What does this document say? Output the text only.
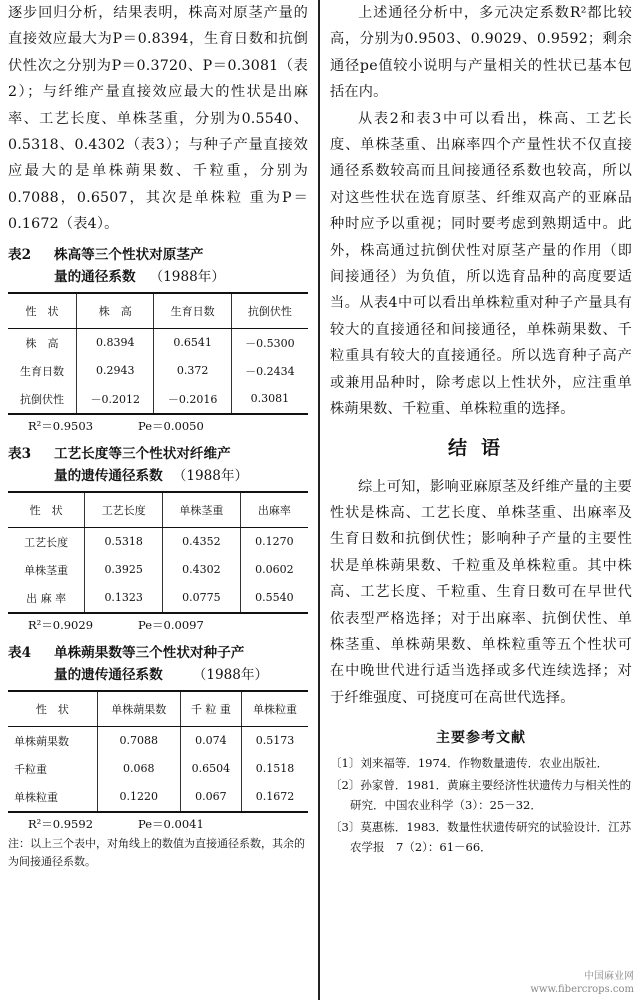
逐步回归分析，结果表明，株高对原茎产量的直接效应最大为P＝0.8394，生育日数和抗倒伏性次之分别为P＝0.3720、P＝0.3081（表2）；与纤维产量直接效应最大的性状是出麻率、工艺长度、单株茎重，分别为0.5540、0.5318、0.4302（表3）；与种子产量直接效应最大的是单株蒴果数、千粒重，分别为0.7088，0.6507，其次是单株粒 重为P＝0.1672（表4）。

表2 株高等三个性状对原茎产

量的通径系数 （1988年）

性　状	株　高	生育日数	抗倒伏性
株　高	0.8394	0.6541	－0.5300
生育日数	0.2943	0.372	－0.2434
抗倒伏性	－0.2012	－0.2016	0.3081

R²＝0.9503	Pe＝0.0050

表3 工艺长度等三个性状对纤维产

量的遗传通径系数 （1988年）

性　状	工艺长度	单株茎重	出麻率
工艺长度	0.5318	0.4352	0.1270
单株茎重	0.3925	0.4302	0.0602
出 麻 率	0.1323	0.0775	0.5540

R²＝0.9029	Pe＝0.0097

表4 单株蒴果数等三个性状对种子产

量的遗传通径系数 （1988年）

性　状	单株蒴果数	千 粒 重	单株粒重
单株蒴果数	0.7088	0.074	0.5173
千粒重	0.068	0.6504	0.1518
单株粒重	0.1220	0.067	0.1672

R²＝0.9592	Pe＝0.0041

注：以上三个表中，对角线上的数值为直接通径系数，其余的为间接通径系数。

上述通径分析中，多元决定系数R²都比较高，分别为0.9503、0.9029、0.9592；剩余通径pe值较小说明与产量相关的性状已基本包括在内。

从表2和表3中可以看出，株高、工艺长度、单株茎重、出麻率四个产量性状不仅直接通径系数较高而且间接通径系数也较高，所以对这些性状在选育原茎、纤维双高产的亚麻品种时应予以重视；同时要考虑到熟期适中。此外，株高通过抗倒伏性对原茎产量的作用（即间接通径）为负值，所以选育品种的高度要适当。从表4中可以看出单株粒重对种子产量具有较大的直接通径和间接通径，单株蒴果数、千粒重具有较大的直接通径。所以选育种子高产或兼用品种时，除考虑以上性状外，应注重单株蒴果数、千粒重、单株粒重的选择。

结语

综上可知，影响亚麻原茎及纤维产量的主要性状是株高、工艺长度、单株茎重、出麻率及生育日数和抗倒伏性；影响种子产量的主要性状是单株蒴果数、千粒重及单株粒重。其中株高、工艺长度、千粒重、生育日数可在早世代依表型严格选择；对于出麻率、抗倒伏性、单株茎重、单株蒴果数、单株粒重等五个性状可在中晚世代进行适当选择或多代连续选择；对于纤维强度、可挠度可在高世代选择。

主要参考文献

〔1〕刘来福等．1974．作物数量遗传．农业出版社．

〔2〕孙家曾．1981．黄麻主要经济性状遗传力与相关性的研究．中国农业科学（3）：25－32．

〔3〕莫惠栋．1983．数量性状遗传研究的试验设计．江苏农学报　7（2）：61－66．

中国麻业网
www.fibercrops.com
